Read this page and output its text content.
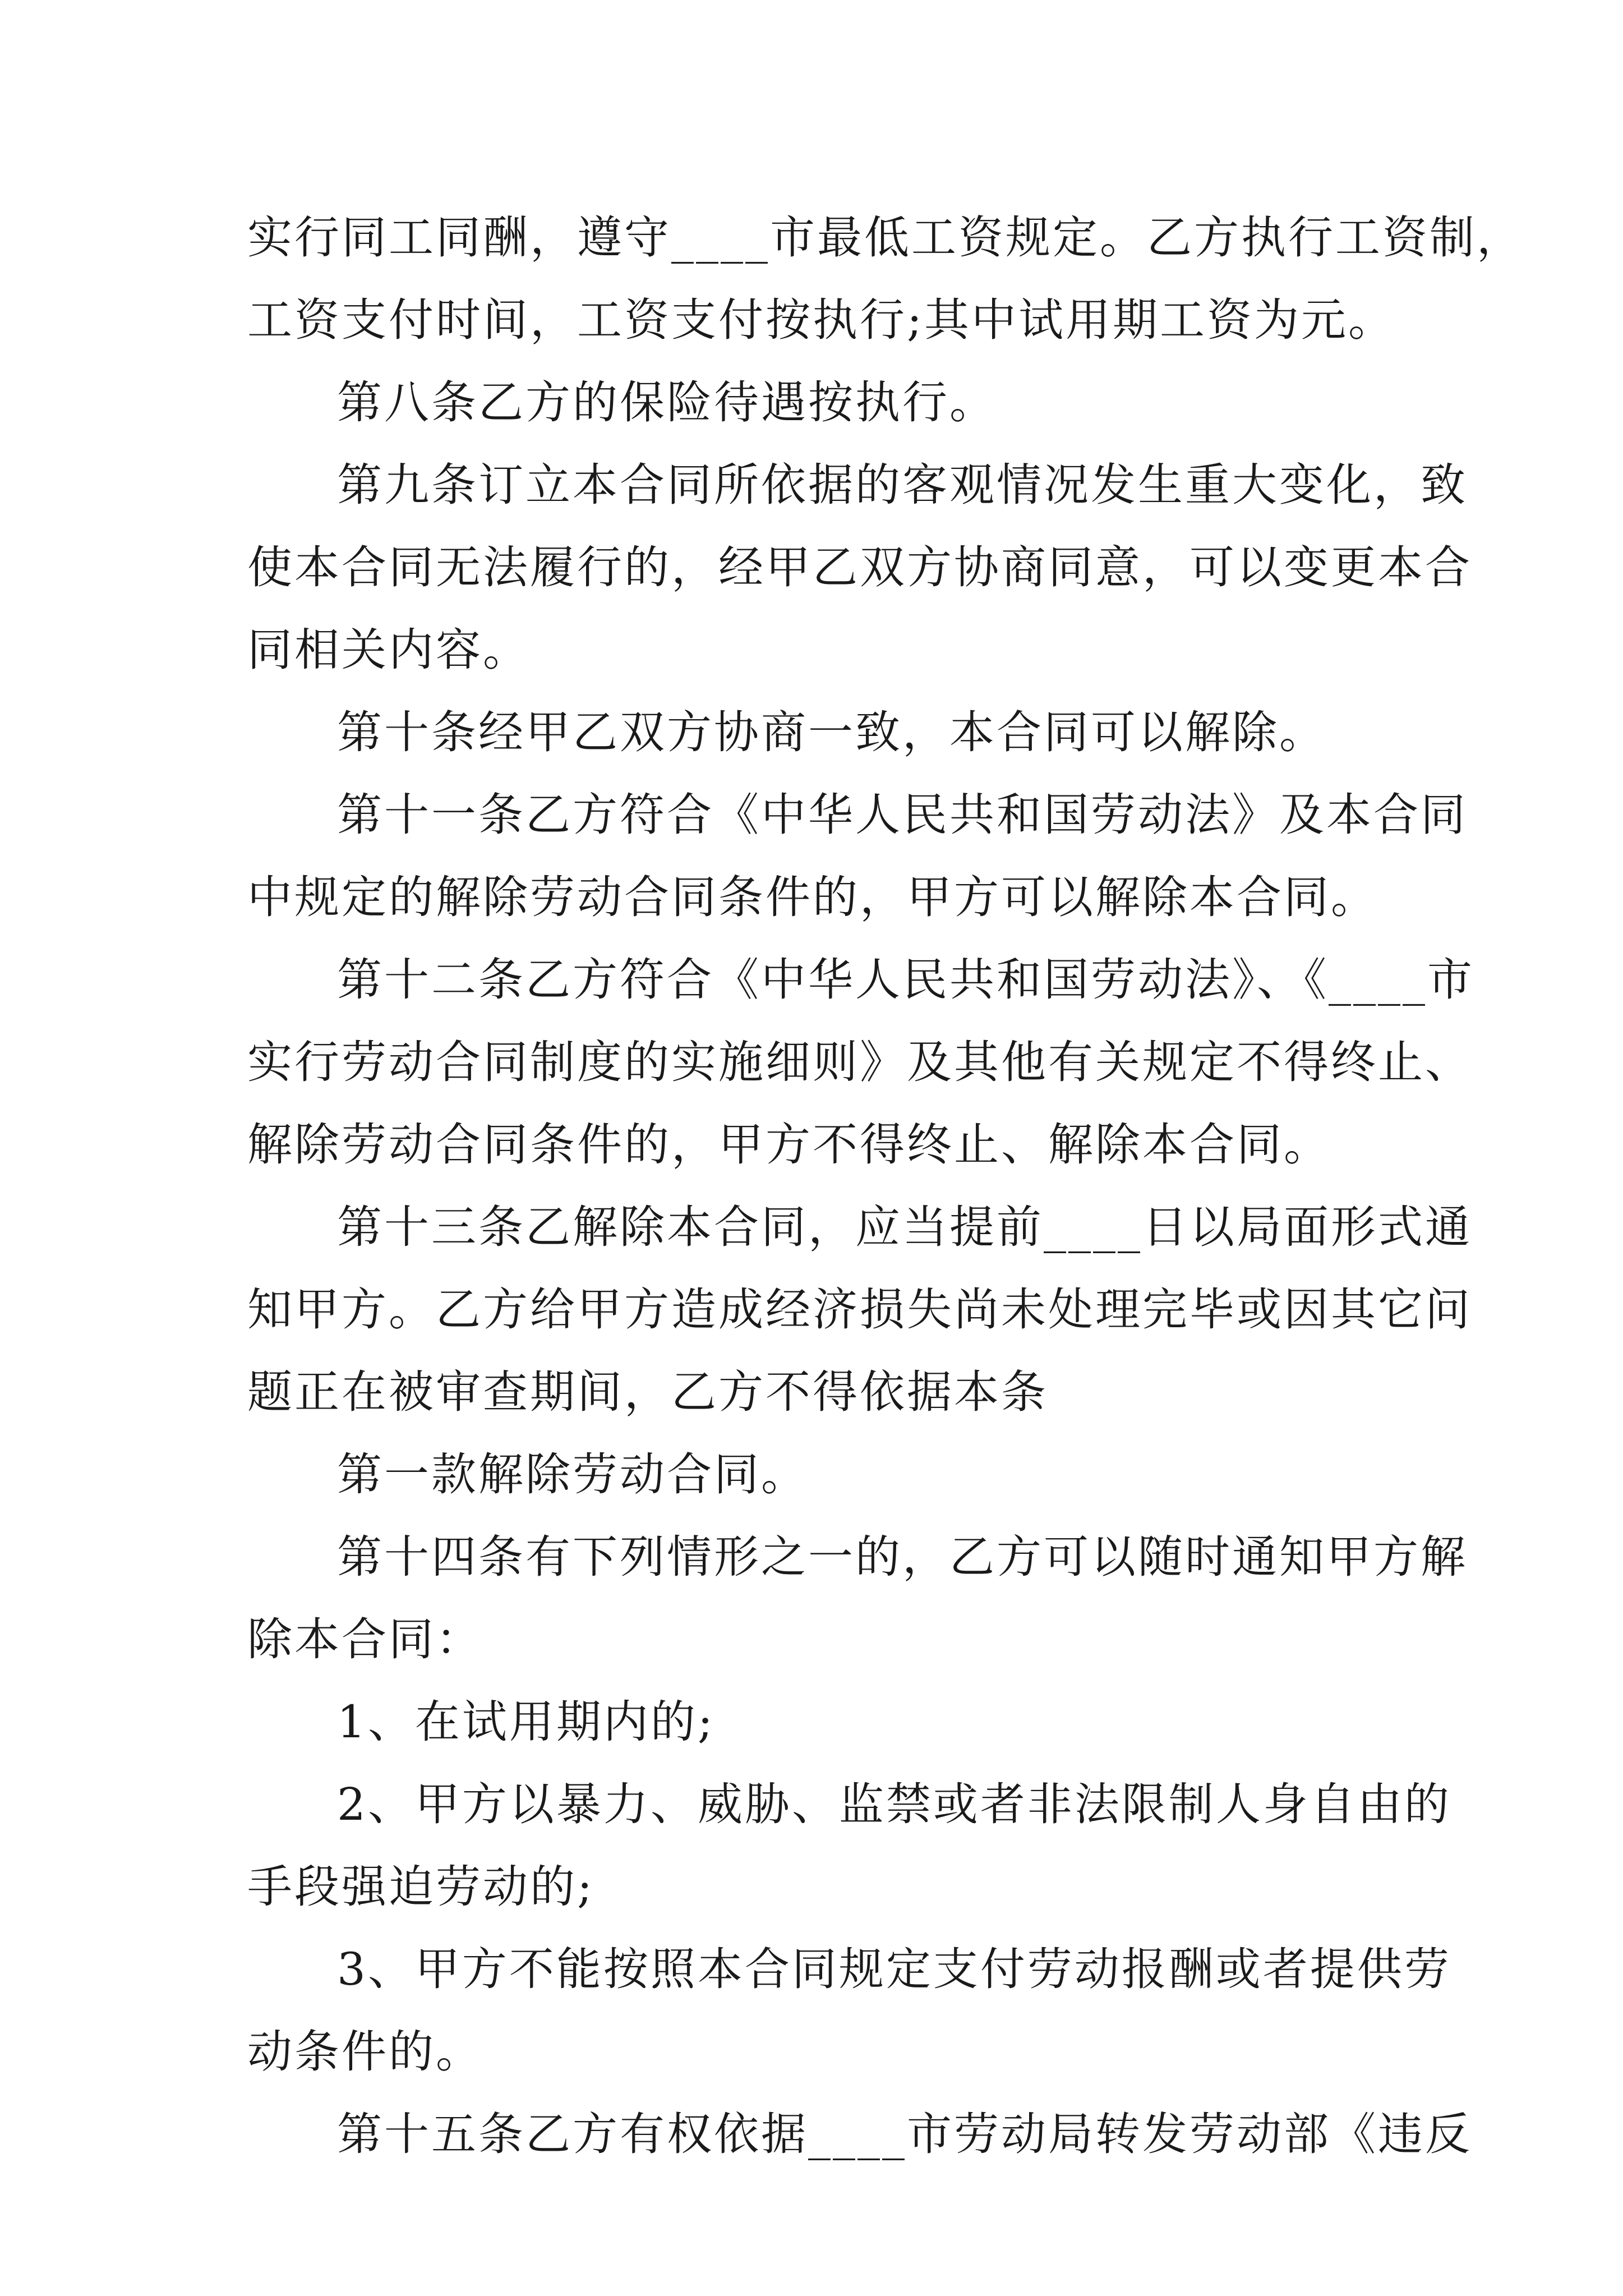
实行同工同酬，遵守____市最低工资规定。乙方执行工资制，
工资支付时间，工资支付按执行;其中试用期工资为元。
第八条乙方的保险待遇按执行。
第九条订立本合同所依据的客观情况发生重大变化，致
使本合同无法履行的，经甲乙双方协商同意，可以变更本合
同相关内容。
第十条经甲乙双方协商一致，本合同可以解除。
第十一条乙方符合《中华人民共和国劳动法》及本合同
中规定的解除劳动合同条件的，甲方可以解除本合同。
第十二条乙方符合《中华人民共和国劳动法》、《____市
实行劳动合同制度的实施细则》及其他有关规定不得终止、
解除劳动合同条件的，甲方不得终止、解除本合同。
第十三条乙解除本合同，应当提前____日以局面形式通
知甲方。乙方给甲方造成经济损失尚未处理完毕或因其它问
题正在被审查期间，乙方不得依据本条
第一款解除劳动合同。
第十四条有下列情形之一的，乙方可以随时通知甲方解
除本合同：
1、在试用期内的;
2、甲方以暴力、威胁、监禁或者非法限制人身自由的
手段强迫劳动的;
3、甲方不能按照本合同规定支付劳动报酬或者提供劳
动条件的。
第十五条乙方有权依据____市劳动局转发劳动部《违反
